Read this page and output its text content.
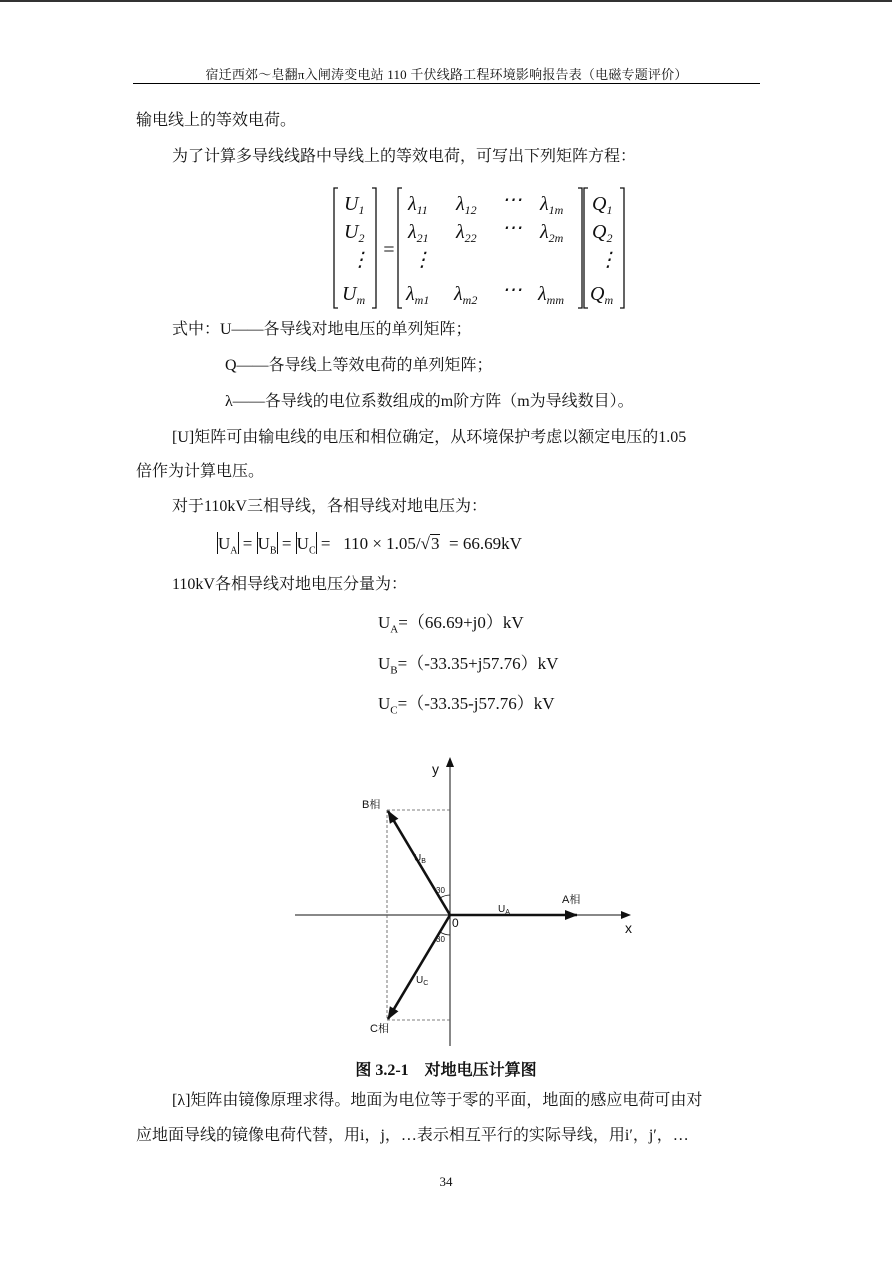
宿迁西郊～皂翻π入闸涛变电站 110 千伏线路工程环境影响报告表（电磁专题评价）
输电线上的等效电荷。
为了计算多导线线路中导线上的等效电荷，可写出下列矩阵方程：
$U_1$
$U_2$
⋮
$U_m$
=
$\lambda_{11}$ $\lambda_{12}$ ⋯ $\lambda_{1m}$
$\lambda_{21}$ $\lambda_{22}$ ⋯ $\lambda_{2m}$
⋮
$\lambda_{m1}$ $\lambda_{m2}$ ⋯ $\lambda_{mm}$
$Q_1$
$Q_2$
⋮
$Q_m$
式中：U——各导线对地电压的单列矩阵；
Q——各导线上等效电荷的单列矩阵；
λ——各导线的电位系数组成的m阶方阵（m为导线数目）。
[U]矩阵可由输电线的电压和相位确定，从环境保护考虑以额定电压的1.05
倍作为计算电压。
对于110kV三相导线，各相导线对地电压为：
$U_A = U_B = U_C = 110 \times 1.05/√3 = 66.69kV$
110kV各相导线对地电压分量为：
$U_A=(66.69+j0)kV$
$U_B=(-33.35+j57.76)kV$
$U_C=(-33.35-j57.76)kV$
y
x
0
A相
B相
C相
$U_A$
$U_B$
$U_C$
30
30
图 3.2-1　对地电压计算图
[λ]矩阵由镜像原理求得。地面为电位等于零的平面，地面的感应电荷可由对
应地面导线的镜像电荷代替，用i，j，…表示相互平行的实际导线，用i′，j′，…
34
